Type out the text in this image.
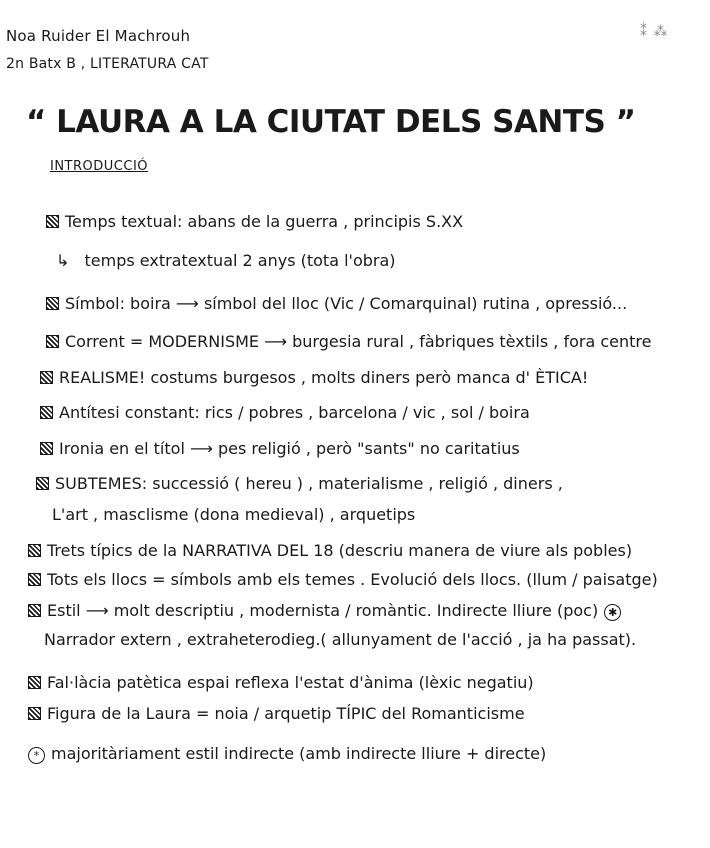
⁑ ⁂
Noa Ruider El Machrouh
2n Batx B , LITERATURA CAT
“ LAURA A LA CIUTAT DELS SANTS ”
INTRODUCCIÓ
Temps textual: abans de la guerra , principis S.XX
↳ temps extratextual 2 anys (tota l'obra)
Símbol: boira ⟶ símbol del lloc (Vic / Comarquinal) rutina , opressió...
Corrent = MODERNISME ⟶ burgesia rural , fàbriques tèxtils , fora centre
REALISME! costums burgesos , molts diners però manca d' ÈTICA!
Antítesi constant: rics / pobres , barcelona / vic , sol / boira
Ironia en el títol ⟶ pes religió , però "sants" no caritatius
SUBTEMES: successió ( hereu ) , materialisme , religió , diners ,
L'art , masclisme (dona medieval) , arquetips
Trets típics de la NARRATIVA DEL 18 (descriu manera de viure als pobles)
Tots els llocs = símbols amb els temes . Evolució dels llocs. (llum / paisatge)
Estil ⟶ molt descriptiu , modernista / romàntic. Indirecte lliure (poc) ✱
Narrador extern , extraheterodieg.( allunyament de l'acció , ja ha passat).
Fal·làcia patètica espai reflexa l'estat d'ànima (lèxic negatiu)
Figura de la Laura = noia / arquetip TÍPIC del Romanticisme
* majoritàriament estil indirecte (amb indirecte lliure + directe)
